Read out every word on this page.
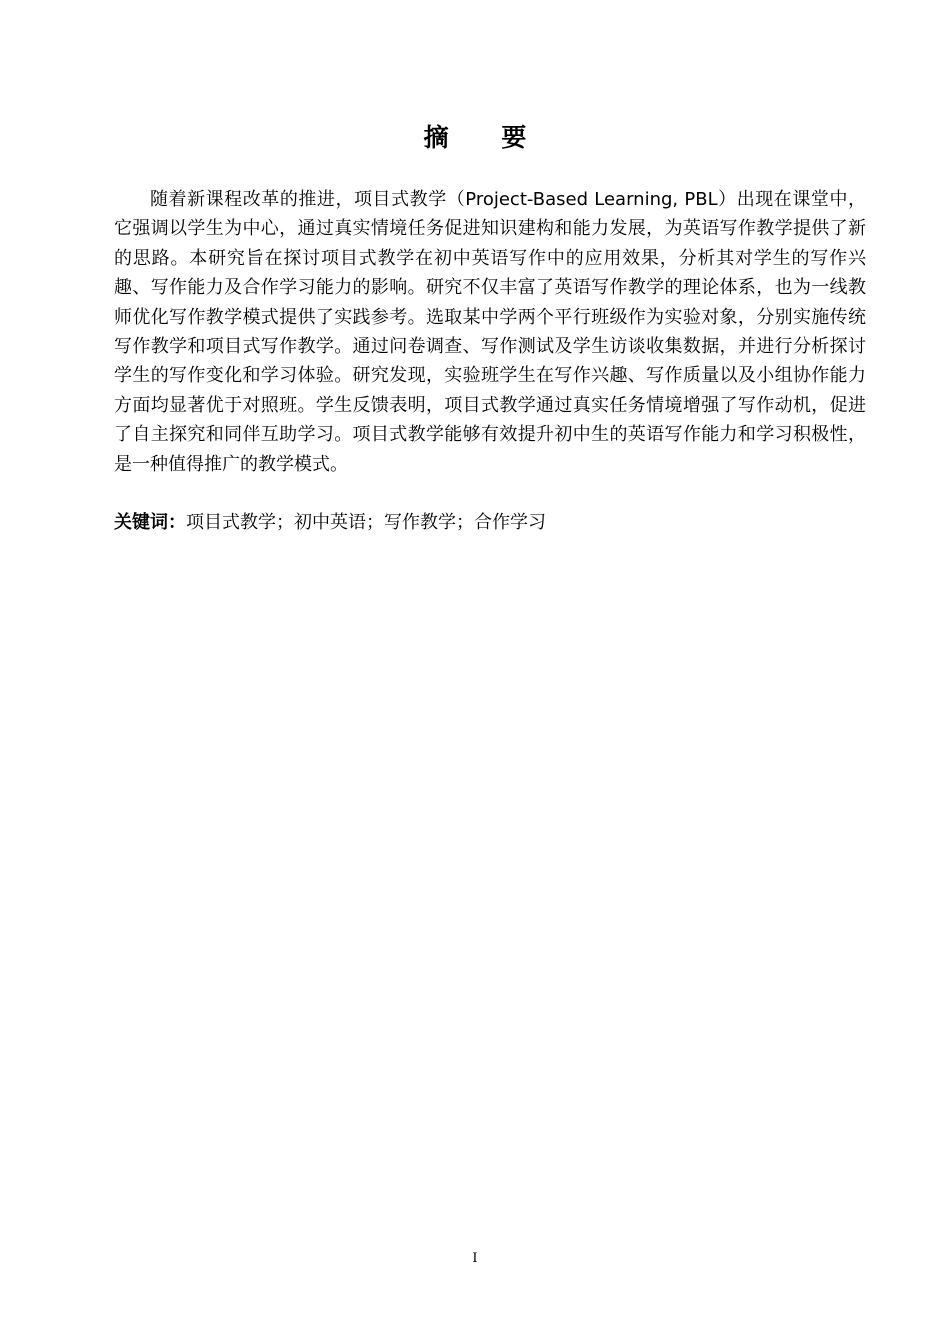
摘 要

随着新课程改革的推进，项目式教学（Project-Based Learning, PBL）出现在课堂中，它强调以学生为中心，通过真实情境任务促进知识建构和能力发展，为英语写作教学提供了新的思路。本研究旨在探讨项目式教学在初中英语写作中的应用效果，分析其对学生的写作兴趣、写作能力及合作学习能力的影响。研究不仅丰富了英语写作教学的理论体系，也为一线教师优化写作教学模式提供了实践参考。选取某中学两个平行班级作为实验对象，分别实施传统写作教学和项目式写作教学。通过问卷调查、写作测试及学生访谈收集数据，并进行分析探讨学生的写作变化和学习体验。研究发现，实验班学生在写作兴趣、写作质量以及小组协作能力方面均显著优于对照班。学生反馈表明，项目式教学通过真实任务情境增强了写作动机，促进了自主探究和同伴互助学习。项目式教学能够有效提升初中生的英语写作能力和学习积极性，是一种值得推广的教学模式。

关键词：项目式教学；初中英语；写作教学；合作学习

I
